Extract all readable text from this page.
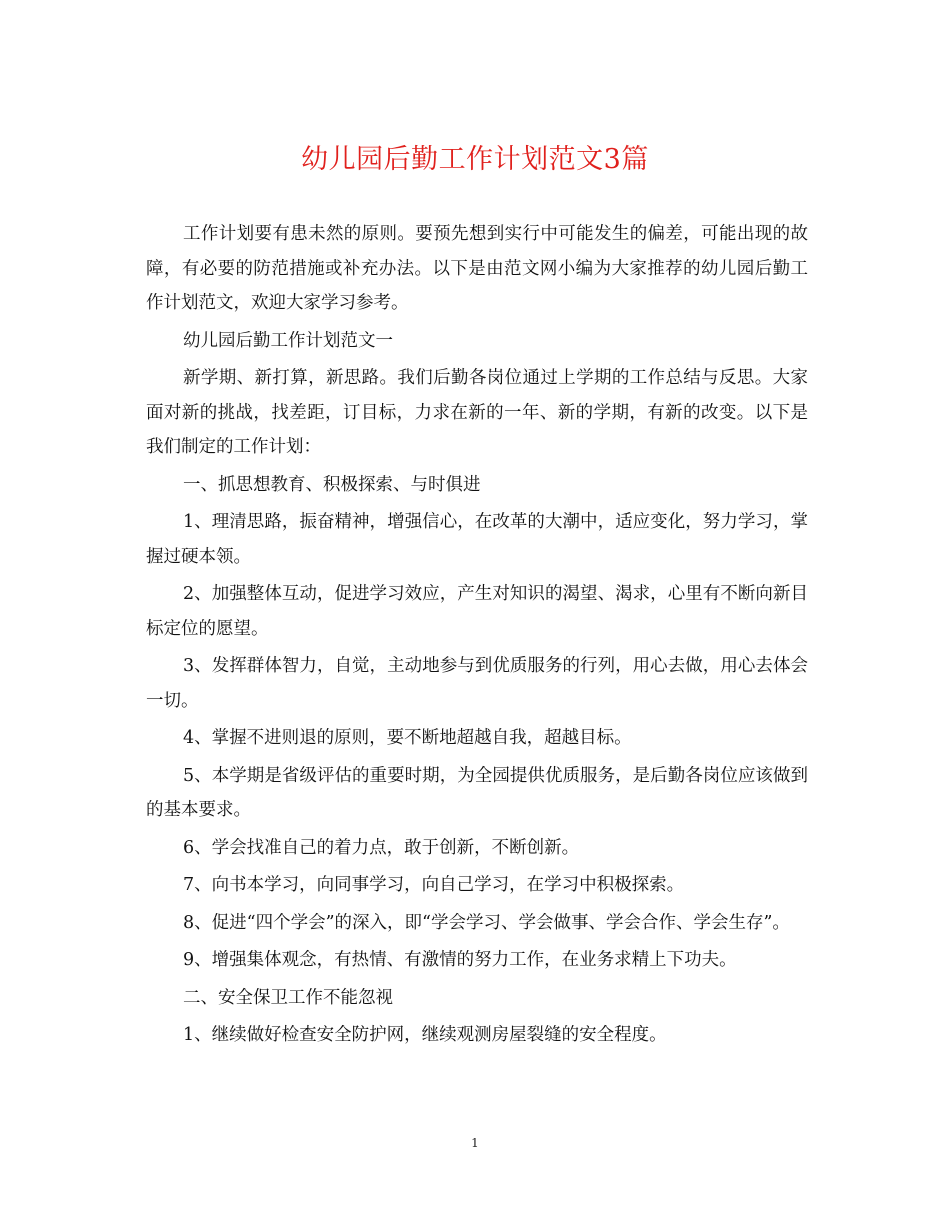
幼儿园后勤工作计划范文3篇

工作计划要有患未然的原则。要预先想到实行中可能发生的偏差，可能出现的故障，有必要的防范措施或补充办法。以下是由范文网小编为大家推荐的幼儿园后勤工作计划范文，欢迎大家学习参考。

幼儿园后勤工作计划范文一

新学期、新打算，新思路。我们后勤各岗位通过上学期的工作总结与反思。大家面对新的挑战，找差距，订目标，力求在新的一年、新的学期，有新的改变。以下是我们制定的工作计划：

一、抓思想教育、积极探索、与时俱进

1、理清思路，振奋精神，增强信心，在改革的大潮中，适应变化，努力学习，掌握过硬本领。

2、加强整体互动，促进学习效应，产生对知识的渴望、渴求，心里有不断向新目标定位的愿望。

3、发挥群体智力，自觉，主动地参与到优质服务的行列，用心去做，用心去体会一切。

4、掌握不进则退的原则，要不断地超越自我，超越目标。

5、本学期是省级评估的重要时期，为全园提供优质服务，是后勤各岗位应该做到的基本要求。

6、学会找准自己的着力点，敢于创新，不断创新。

7、向书本学习，向同事学习，向自己学习，在学习中积极探索。

8、促进“四个学会”的深入，即“学会学习、学会做事、学会合作、学会生存”。

9、增强集体观念，有热情、有激情的努力工作，在业务求精上下功夫。

二、安全保卫工作不能忽视

1、继续做好检查安全防护网，继续观测房屋裂缝的安全程度。

1
